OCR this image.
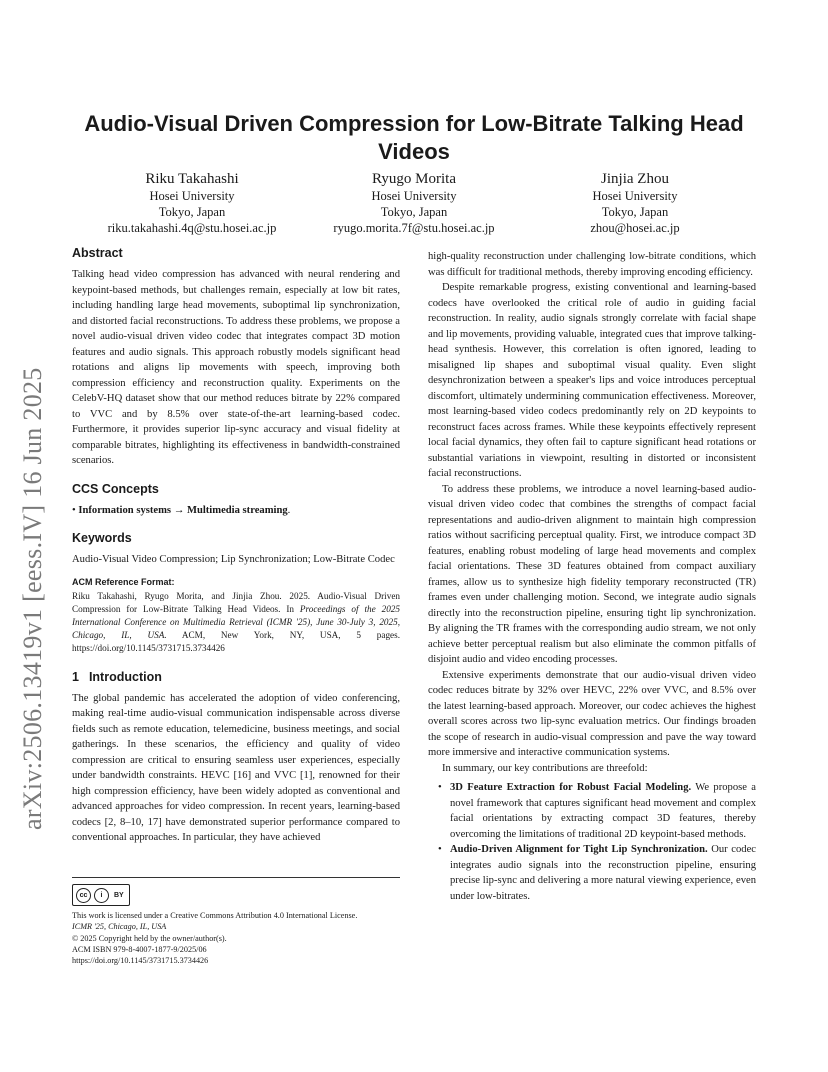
arXiv:2506.13419v1 [eess.IV] 16 Jun 2025
Audio-Visual Driven Compression for Low-Bitrate Talking Head
Videos
Riku Takahashi
Hosei University
Tokyo, Japan
riku.takahashi.4q@stu.hosei.ac.jp
Ryugo Morita
Hosei University
Tokyo, Japan
ryugo.morita.7f@stu.hosei.ac.jp
Jinjia Zhou
Hosei University
Tokyo, Japan
zhou@hosei.ac.jp
Abstract

Talking head video compression has advanced with neural rendering and keypoint-based methods, but challenges remain, especially at low bit rates, including handling large head movements, suboptimal lip synchronization, and distorted facial reconstructions. To address these problems, we propose a novel audio-visual driven video codec that integrates compact 3D motion features and audio signals. This approach robustly models significant head rotations and aligns lip movements with speech, improving both compression efficiency and reconstruction quality. Experiments on the CelebV-HQ dataset show that our method reduces bitrate by 22% compared to VVC and by 8.5% over state-of-the-art learning-based codec. Furthermore, it provides superior lip-sync accuracy and visual fidelity at comparable bitrates, highlighting its effectiveness in bandwidth-constrained scenarios.

CCS Concepts
• Information systems → Multimedia streaming.
Keywords

Audio-Visual Video Compression; Lip Synchronization; Low-Bitrate Codec

ACM Reference Format:
Riku Takahashi, Ryugo Morita, and Jinjia Zhou. 2025. Audio-Visual Driven Compression for Low-Bitrate Talking Head Videos. In Proceedings of the 2025 International Conference on Multimedia Retrieval (ICMR '25), June 30-July 3, 2025, Chicago, IL, USA. ACM, New York, NY, USA, 5 pages. https://doi.org/10.1145/3731715.3734426
1 Introduction

The global pandemic has accelerated the adoption of video conferencing, making real-time audio-visual communication indispensable across diverse fields such as remote education, telemedicine, business meetings, and social gatherings. In these scenarios, the efficiency and quality of video compression are critical to ensuring seamless user experiences, especially under bandwidth constraints. HEVC [16] and VVC [1], renowned for their high compression efficiency, have been widely adopted as conventional and advanced approaches for video compression. In recent years, learning-based codecs [2, 8–10, 17] have demonstrated superior performance compared to conventional approaches. In particular, they have achieved

cc	i	BY
This work is licensed under a Creative Commons Attribution 4.0 International License.
ICMR '25, Chicago, IL, USA
© 2025 Copyright held by the owner/author(s).
ACM ISBN 979-8-4007-1877-9/2025/06
https://doi.org/10.1145/3731715.3734426

high-quality reconstruction under challenging low-bitrate conditions, which was difficult for traditional methods, thereby improving encoding efficiency.

Despite remarkable progress, existing conventional and learning-based codecs have overlooked the critical role of audio in guiding facial reconstruction. In reality, audio signals strongly correlate with facial shape and lip movements, providing valuable, integrated cues that improve talking-head synthesis. However, this correlation is often ignored, leading to misaligned lip shapes and suboptimal visual quality. Even slight desynchronization between a speaker's lips and voice introduces perceptual discomfort, ultimately undermining communication effectiveness. Moreover, most learning-based video codecs predominantly rely on 2D keypoints to reconstruct faces across frames. While these keypoints effectively represent local facial dynamics, they often fail to capture significant head rotations or substantial variations in viewpoint, resulting in distorted or inconsistent facial reconstructions.

To address these problems, we introduce a novel learning-based audio-visual driven video codec that combines the strengths of compact facial representations and audio-driven alignment to maintain high compression ratios without sacrificing perceptual quality. First, we introduce compact 3D features, enabling robust modeling of large head movements and complex facial orientations. These 3D features obtained from compact auxiliary frames, allow us to synthesize high fidelity temporary reconstructed (TR) frames even under challenging motion. Second, we integrate audio signals directly into the reconstruction pipeline, ensuring tight lip synchronization. By aligning the TR frames with the corresponding audio stream, we not only achieve better perceptual realism but also eliminate the common pitfalls of disjoint audio and video encoding processes.

Extensive experiments demonstrate that our audio-visual driven video codec reduces bitrate by 32% over HEVC, 22% over VVC, and 8.5% over the latest learning-based approach. Moreover, our codec achieves the highest overall scores across two lip-sync evaluation metrics. Our findings broaden the scope of research in audio-visual compression and pave the way toward more immersive and interactive communication systems.

In summary, our key contributions are threefold:

• 3D Feature Extraction for Robust Facial Modeling. We propose a novel framework that captures significant head movement and complex facial orientations by extracting compact 3D features, thereby overcoming the limitations of traditional 2D keypoint-based methods.
• Audio-Driven Alignment for Tight Lip Synchronization. Our codec integrates audio signals into the reconstruction pipeline, ensuring precise lip-sync and delivering a more natural viewing experience, even under low-bitrates.
